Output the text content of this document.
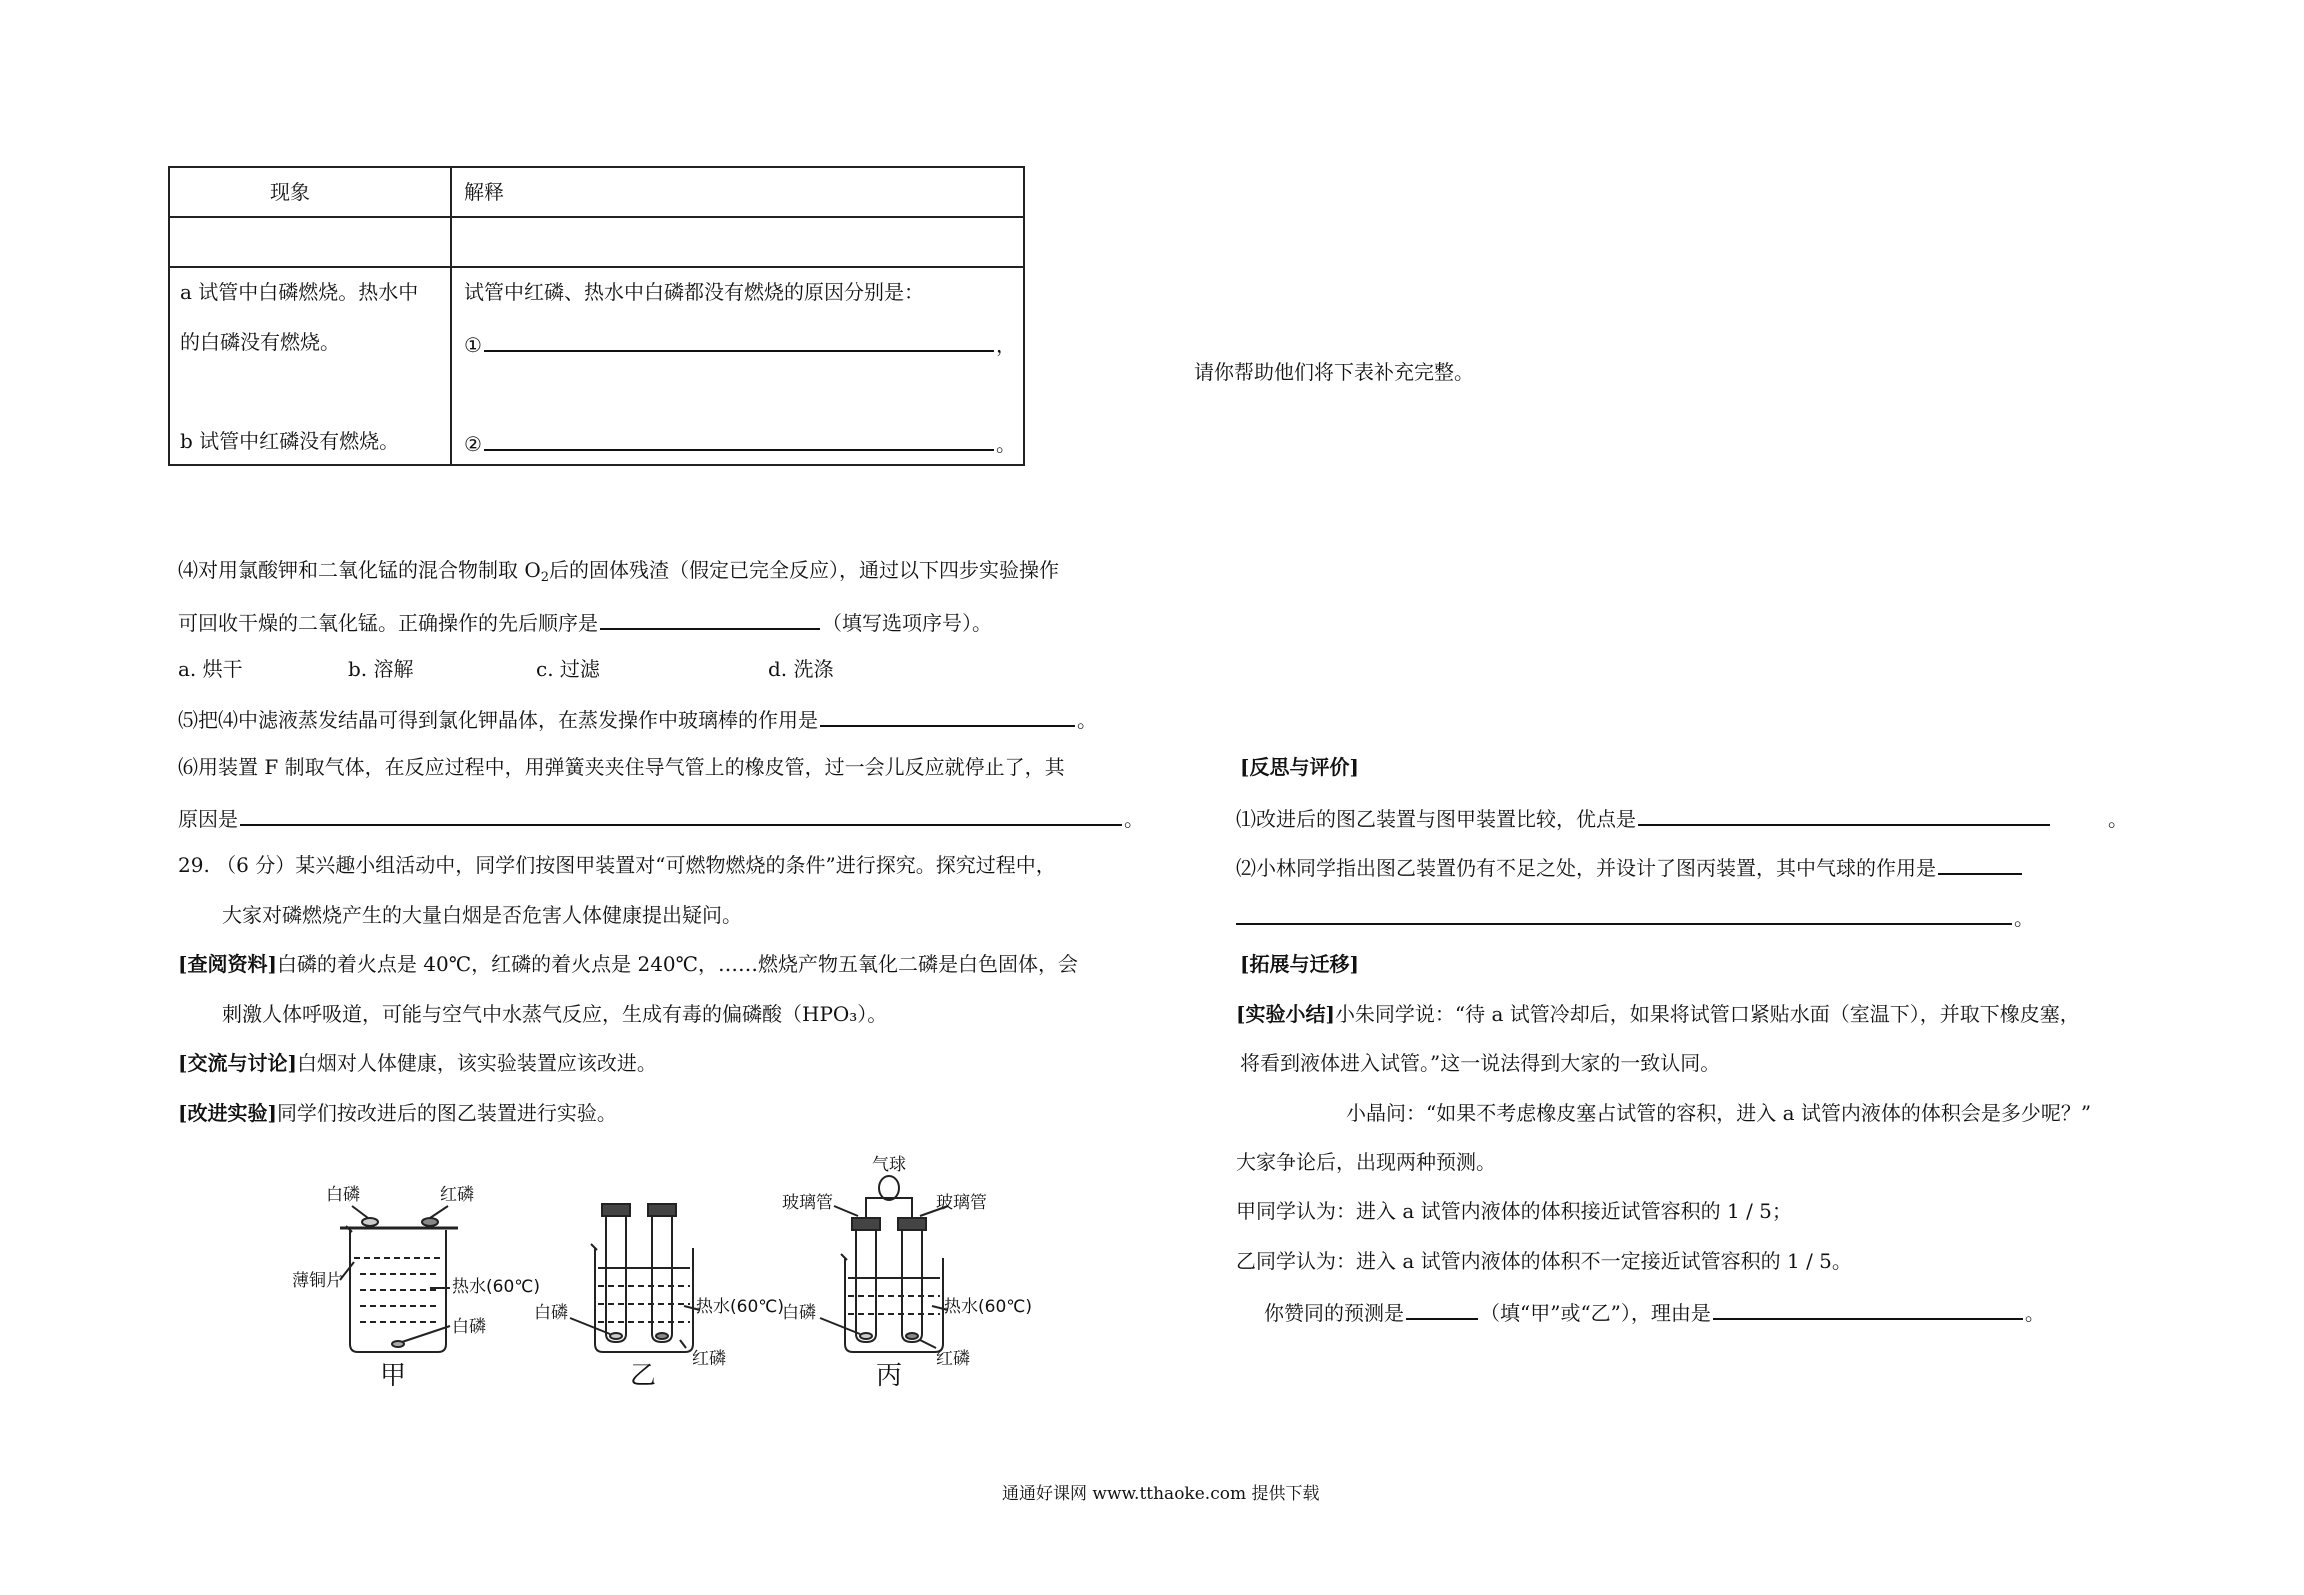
现象	解释

a 试管中白磷燃烧。热水中
的白磷没有燃烧。
b 试管中红磷没有燃烧。	试管中红磷、热水中白磷都没有燃烧的原因分别是：
① ，
② 。
请你帮助他们将下表补充完整。
⑷对用氯酸钾和二氧化锰的混合物制取 $O_2$后的固体残渣（假定已完全反应），通过以下四步实验操作
可回收干燥的二氧化锰。正确操作的先后顺序是	（填写选项序号）。
a. 烘干	b. 溶解	c. 过滤	d. 洗涤
⑸把⑷中滤液蒸发结晶可得到氯化钾晶体，在蒸发操作中玻璃棒的作用是	。
⑹用装置 F 制取气体，在反应过程中，用弹簧夹夹住导气管上的橡皮管，过一会儿反应就停止了，其
原因是	。
29. （6 分）某兴趣小组活动中，同学们按图甲装置对“可燃物燃烧的条件”进行探究。探究过程中，
大家对磷燃烧产生的大量白烟是否危害人体健康提出疑问。
[查阅资料]白磷的着火点是 40℃，红磷的着火点是 240℃，……燃烧产物五氧化二磷是白色固体，会
刺激人体呼吸道，可能与空气中水蒸气反应，生成有毒的偏磷酸（HPO₃）。
[交流与讨论]白烟对人体健康，该实验装置应该改进。
[改进实验]同学们按改进后的图乙装置进行实验。
白磷	红磷
薄铜片	热水(60℃)
白磷
白磷	热水(60℃)
红磷
气球
玻璃管	玻璃管
白磷	热水(60℃)
红磷
甲	乙	丙
[反思与评价]
⑴改进后的图乙装置与图甲装置比较，优点是	。
⑵小林同学指出图乙装置仍有不足之处，并设计了图丙装置，其中气球的作用是
。
[拓展与迁移]
[实验小结]小朱同学说：“待 a 试管冷却后，如果将试管口紧贴水面（室温下），并取下橡皮塞，
将看到液体进入试管。”这一说法得到大家的一致认同。
小晶问：“如果不考虑橡皮塞占试管的容积，进入 a 试管内液体的体积会是多少呢？”
大家争论后，出现两种预测。
甲同学认为：进入 a 试管内液体的体积接近试管容积的 1 / 5；
乙同学认为：进入 a 试管内液体的体积不一定接近试管容积的 1 / 5。
你赞同的预测是	（填“甲”或“乙”），理由是	。
通通好课网 www.tthaoke.com 提供下载
